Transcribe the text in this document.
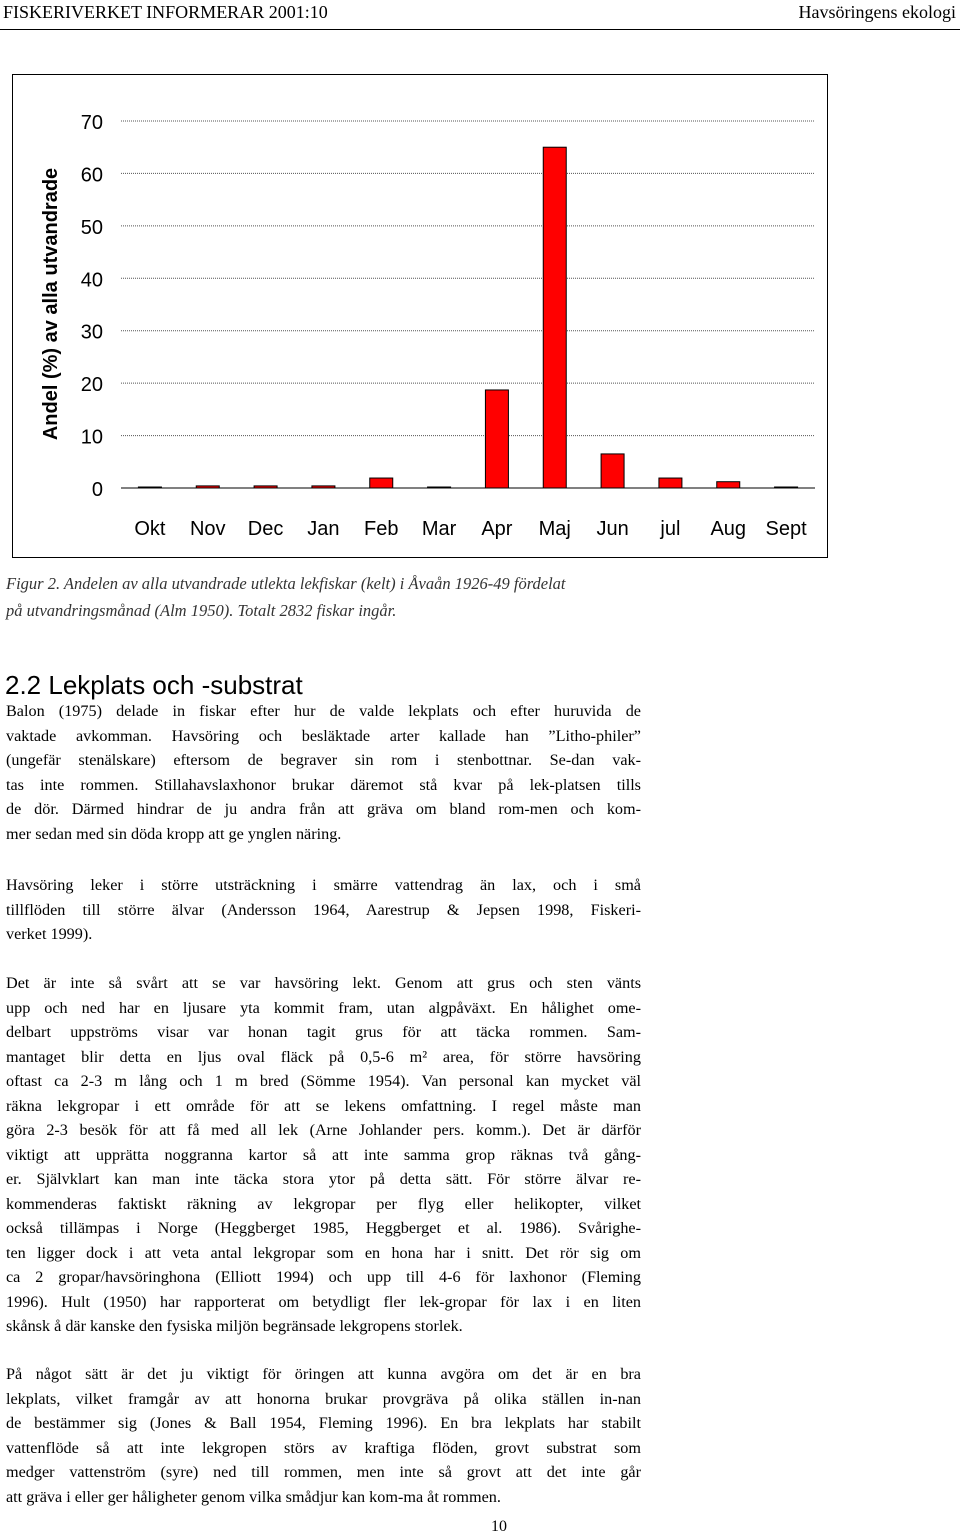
FISKERIVERKET INFORMERAR 2001:10	Havsöringens ekologi
0
10
20
30
40
50
60
70
Okt Nov Dec Jan Feb Mar Apr Maj Jun jul Aug Sept
Andel (%) av alla utvandrade
Figur 2. Andelen av alla utvandrade utlekta lekfiskar (kelt) i Åvaån 1926-49 fördelat
på utvandringsmånad (Alm 1950). Totalt 2832 fiskar ingår.
2.2 Lekplats och -substrat
Balon (1975) delade in fiskar efter hur de valde lekplats och efter huruvida de
vaktade avkomman. Havsöring och besläktade arter kallade han ”Litho-philer”
(ungefär stenälskare) eftersom de begraver sin rom i stenbottnar. Se-dan vak-
tas inte rommen. Stillahavslaxhonor brukar däremot stå kvar på lek-platsen tills
de dör. Därmed hindrar de ju andra från att gräva om bland rom-men och kom-
mer sedan med sin döda kropp att ge ynglen näring.
Havsöring leker i större utsträckning i smärre vattendrag än lax, och i små
tillflöden till större älvar (Andersson 1964, Aarestrup & Jepsen 1998, Fiskeri-
verket 1999).
Det är inte så svårt att se var havsöring lekt. Genom att grus och sten vänts
upp och ned har en ljusare yta kommit fram, utan algpåväxt. En hålighet ome-
delbart uppströms visar var honan tagit grus för att täcka rommen. Sam-
mantaget blir detta en ljus oval fläck på 0,5-6 m² area, för större havsöring
oftast ca 2-3 m lång och 1 m bred (Sömme 1954). Van personal kan mycket väl
räkna lekgropar i ett område för att se lekens omfattning. I regel måste man
göra 2-3 besök för att få med all lek (Arne Johlander pers. komm.). Det är därför
viktigt att upprätta noggranna kartor så att inte samma grop räknas två gång-
er. Självklart kan man inte täcka stora ytor på detta sätt. För större älvar re-
kommenderas faktiskt räkning av lekgropar per flyg eller helikopter, vilket
också tillämpas i Norge (Heggberget 1985, Heggberget et al. 1986). Svårighe-
ten ligger dock i att veta antal lekgropar som en hona har i snitt. Det rör sig om
ca 2 gropar/havsöringhona (Elliott 1994) och upp till 4-6 för laxhonor (Fleming
1996). Hult (1950) har rapporterat om betydligt fler lek-gropar för lax i en liten
skånsk å där kanske den fysiska miljön begränsade lekgropens storlek.
På något sätt är det ju viktigt för öringen att kunna avgöra om det är en bra
lekplats, vilket framgår av att honorna brukar provgräva på olika ställen in-nan
de bestämmer sig (Jones & Ball 1954, Fleming 1996). En bra lekplats har stabilt
vattenflöde så att inte lekgropen störs av kraftiga flöden, grovt substrat som
medger vattenström (syre) ned till rommen, men inte så grovt att det inte går
att gräva i eller ger håligheter genom vilka smådjur kan kom-ma åt rommen.
10
